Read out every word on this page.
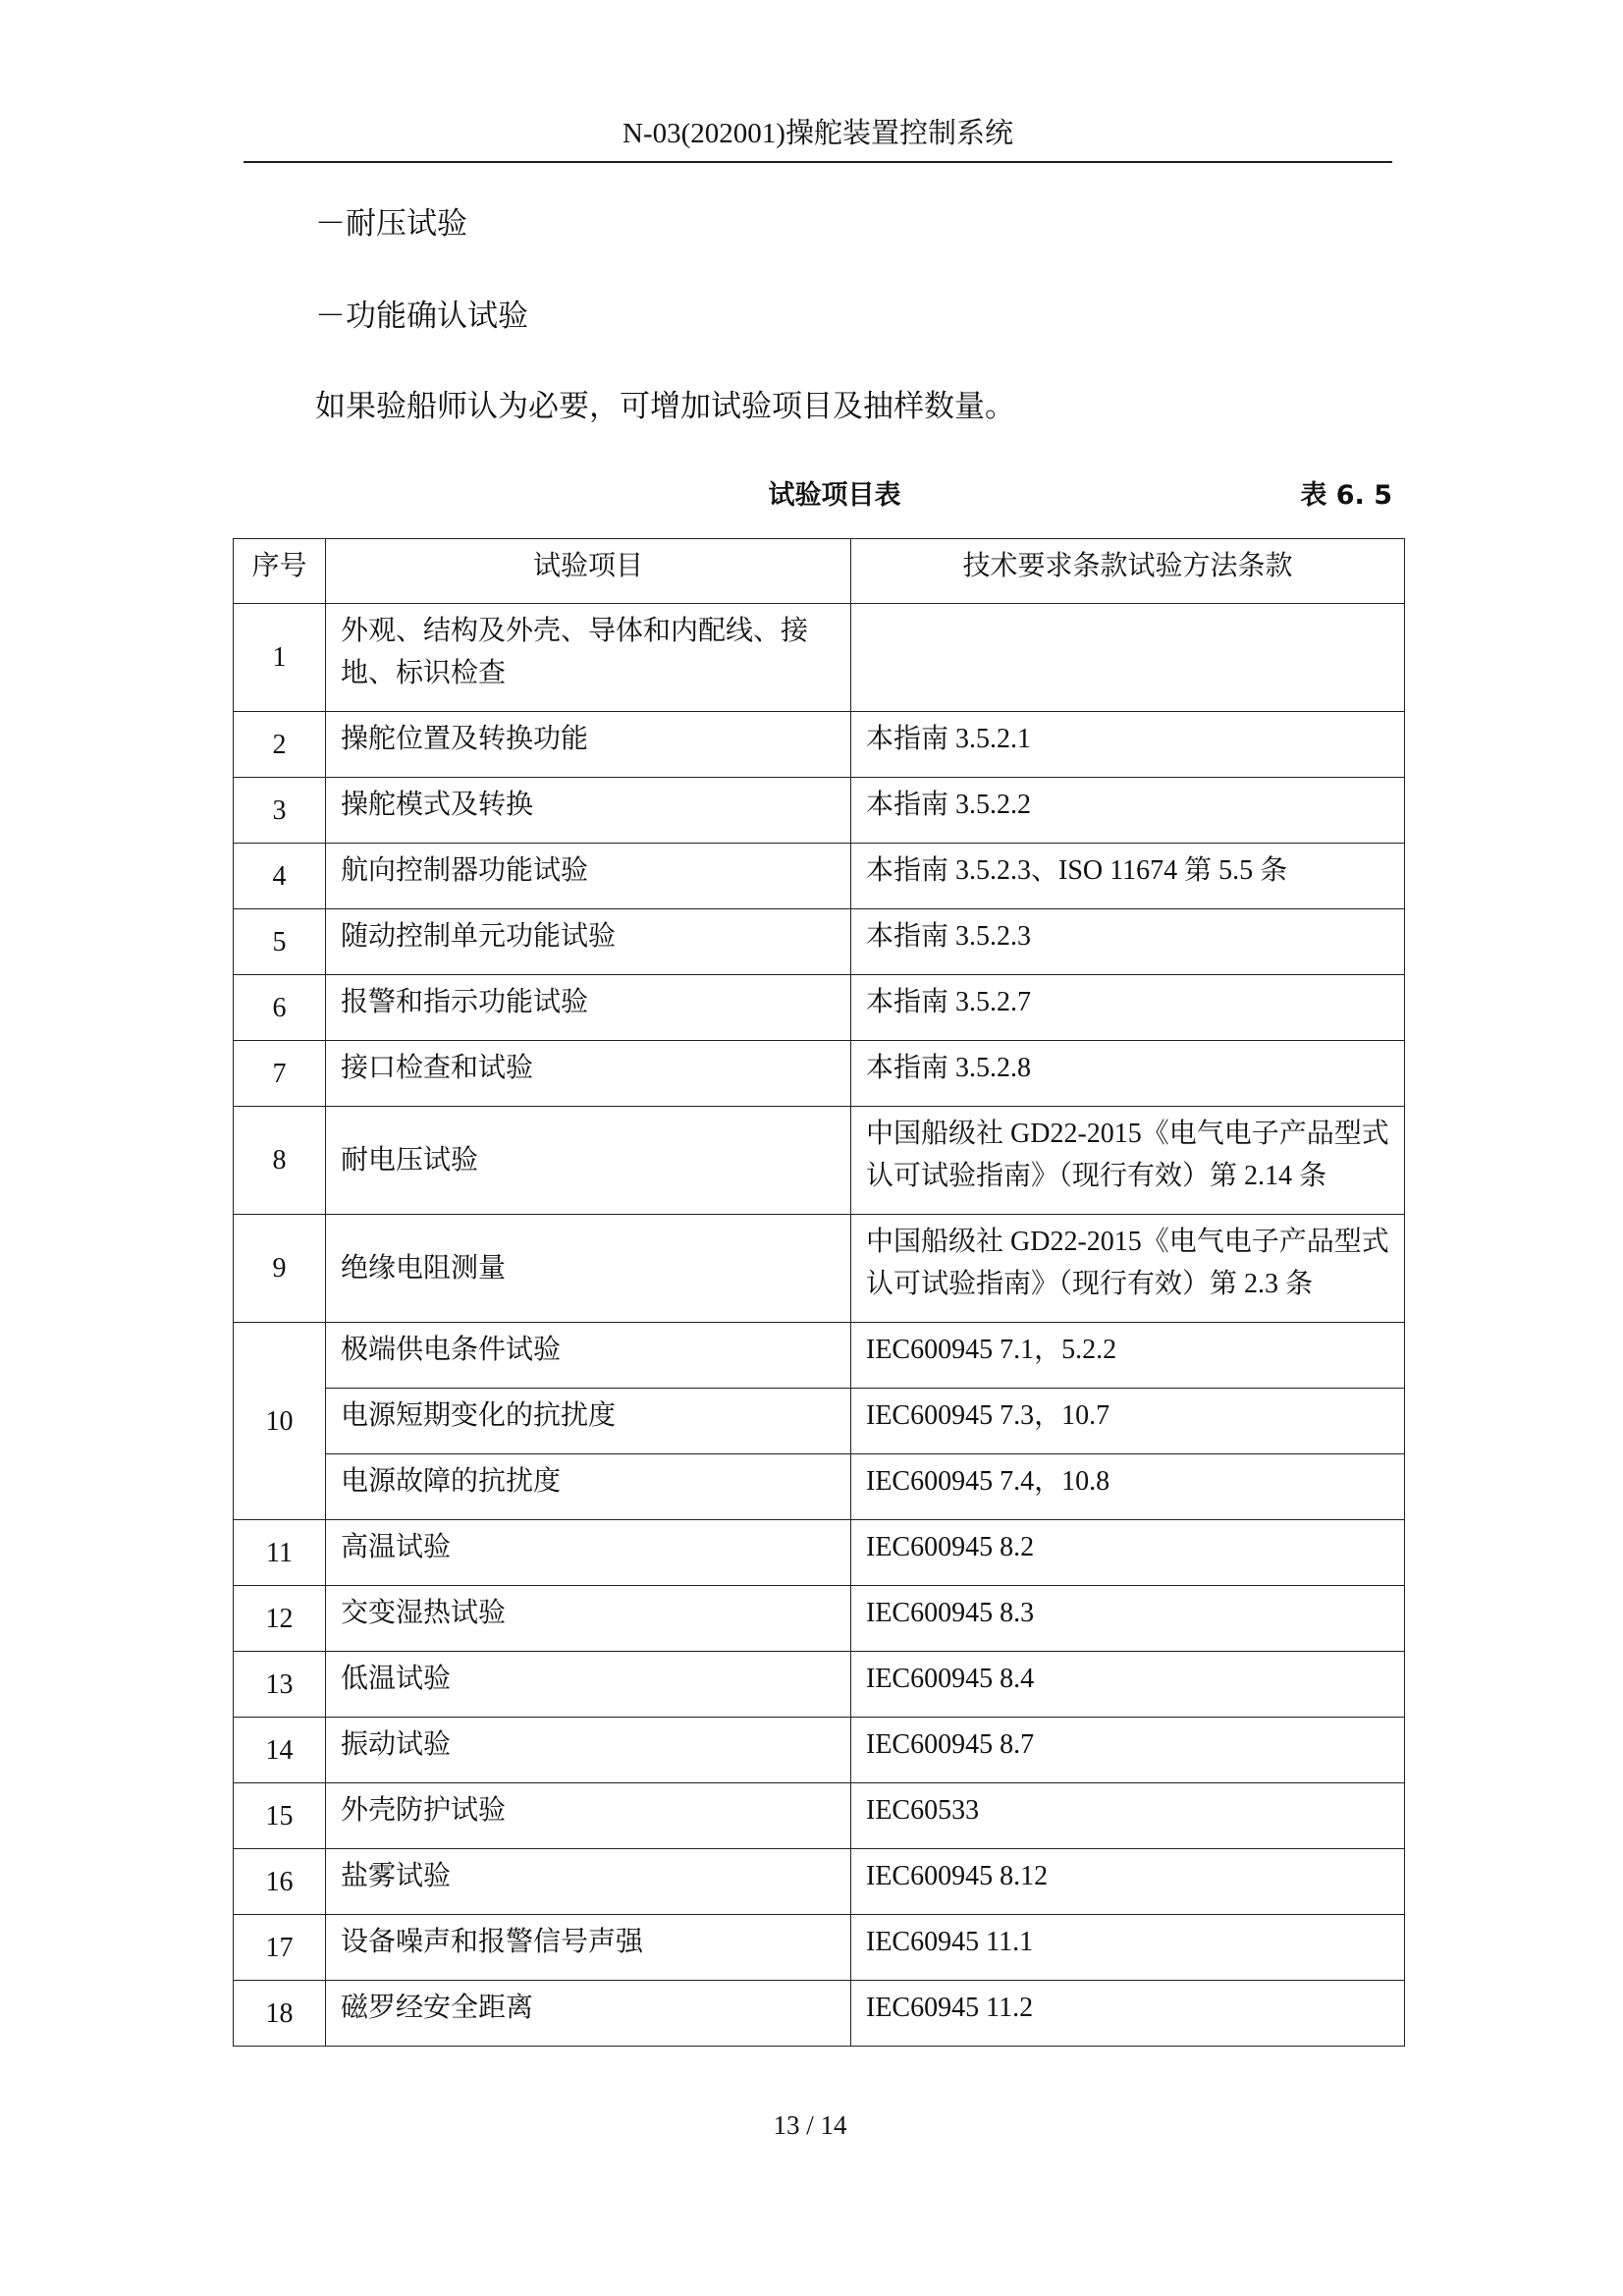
N-03(202001)操舵装置控制系统
－耐压试验
－功能确认试验
如果验船师认为必要，可增加试验项目及抽样数量。
试验项目表	表 6. 5
序号	试验项目	技术要求条款试验方法条款
1	外观、结构及外壳、导体和内配线、接地、标识检查	
2	操舵位置及转换功能	本指南 3.5.2.1
3	操舵模式及转换	本指南 3.5.2.2
4	航向控制器功能试验	本指南 3.5.2.3、ISO 11674 第 5.5 条
5	随动控制单元功能试验	本指南 3.5.2.3
6	报警和指示功能试验	本指南 3.5.2.7
7	接口检查和试验	本指南 3.5.2.8
8	耐电压试验	中国船级社 GD22-2015《电气电子产品型式认可试验指南》（现行有效）第 2.14 条
9	绝缘电阻测量	中国船级社 GD22-2015《电气电子产品型式认可试验指南》（现行有效）第 2.3 条
10	极端供电条件试验	IEC600945 7.1，5.2.2
	电源短期变化的抗扰度	IEC600945 7.3，10.7
	电源故障的抗扰度	IEC600945 7.4，10.8
11	高温试验	IEC600945 8.2
12	交变湿热试验	IEC600945 8.3
13	低温试验	IEC600945 8.4
14	振动试验	IEC600945 8.7
15	外壳防护试验	IEC60533
16	盐雾试验	IEC600945 8.12
17	设备噪声和报警信号声强	IEC60945 11.1
18	磁罗经安全距离	IEC60945 11.2
13 / 14
